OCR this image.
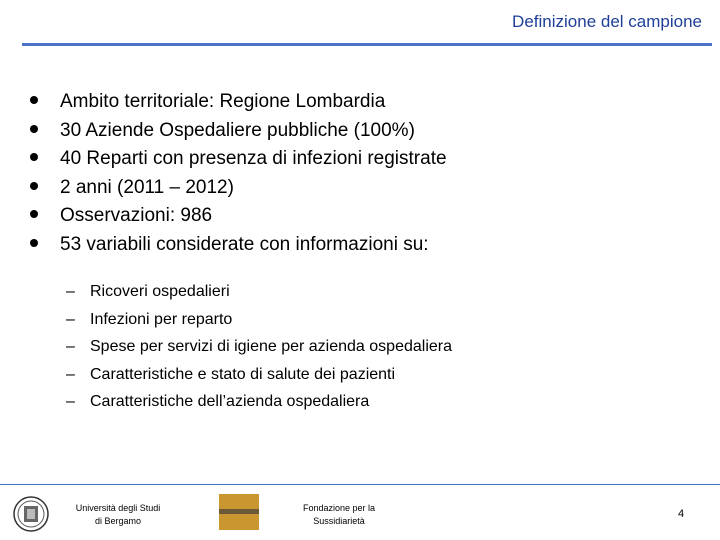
Definizione del campione
Ambito territoriale: Regione Lombardia
30 Aziende Ospedaliere pubbliche (100%)
40 Reparti con presenza di infezioni registrate
2 anni (2011 – 2012)
Osservazioni: 986
53 variabili considerate con informazioni su:
– Ricoveri ospedalieri
– Infezioni per reparto
– Spese per servizi di igiene per azienda ospedaliera
– Caratteristiche e stato di salute dei pazienti
– Caratteristiche dell’azienda ospedaliera
Università degli Studi
di Bergamo
Fondazione per la
Sussidiarietà
4
